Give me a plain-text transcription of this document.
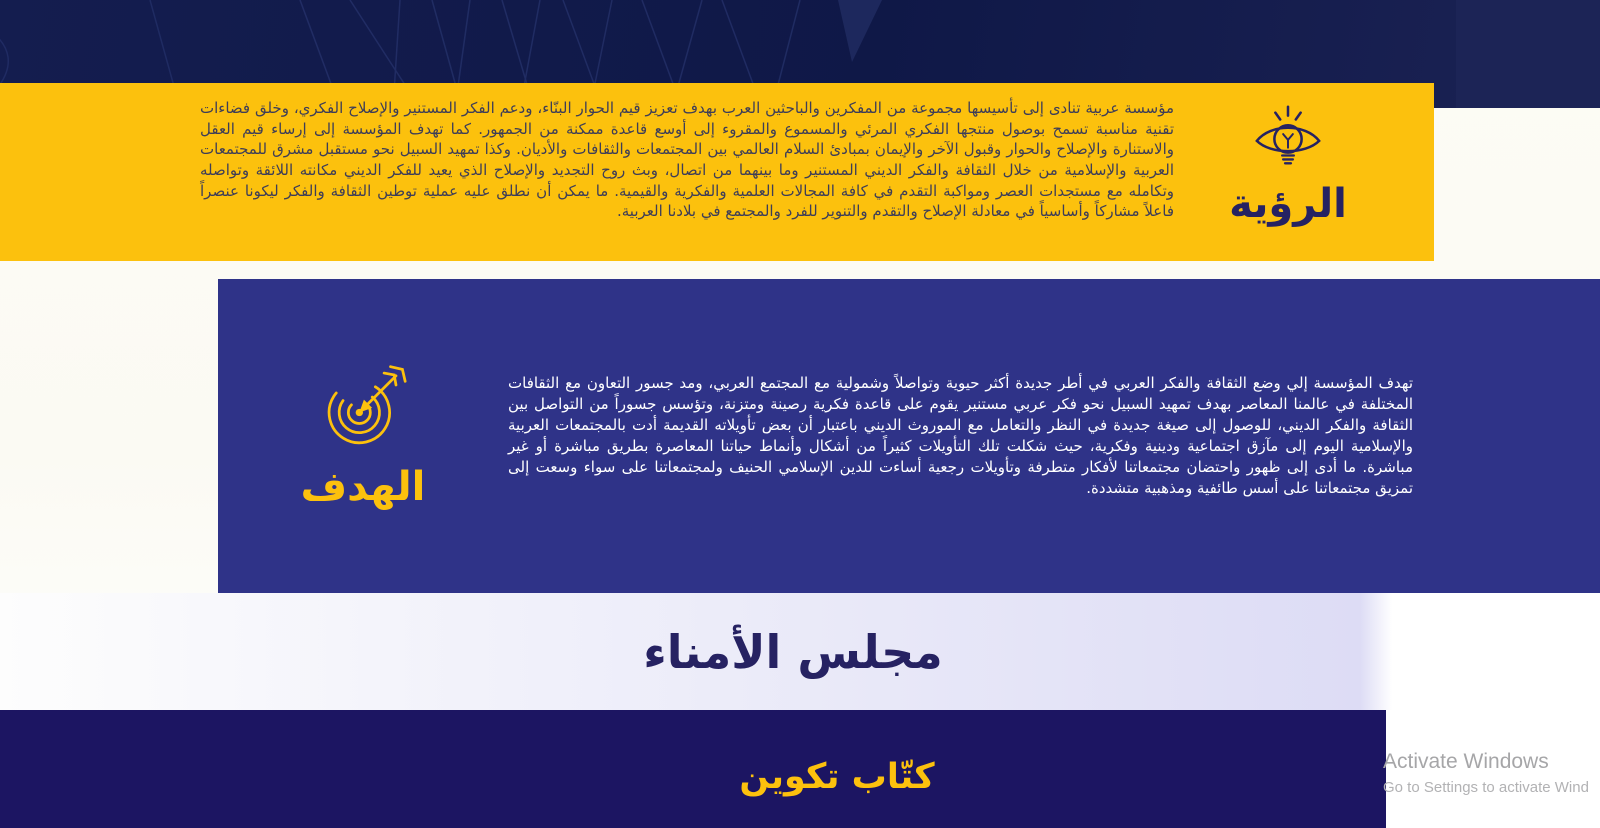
الرؤية

مؤسسة عربية تنادى إلى تأسيسها مجموعة من المفكرين والباحثين العرب بهدف تعزيز قيم الحوار البنّاء، ودعم الفكر المستنير والإصلاح الفكري، وخلق فضاءات تقنية مناسبة تسمح بوصول منتجها الفكري المرئي والمسموع والمقروء إلى أوسع قاعدة ممكنة من الجمهور. كما تهدف المؤسسة إلى إرساء قيم العقل والاستنارة والإصلاح والحوار وقبول الآخر والإيمان بمبادئ السلام العالمي بين المجتمعات والثقافات والأديان. وكذا تمهيد السبيل نحو مستقبل مشرق للمجتمعات العربية والإسلامية من خلال الثقافة والفكر الديني المستنير وما بينهما من اتصال، وبث روح التجديد والإصلاح الذي يعيد للفكر الديني مكانته اللائقة وتواصله وتكامله مع مستجدات العصر ومواكبة التقدم في كافة المجالات العلمية والفكرية والقيمية. ما يمكن أن نطلق عليه عملية توطين الثقافة والفكر ليكونا عنصراً فاعلاً مشاركاً وأساسياً في معادلة الإصلاح والتقدم والتنوير للفرد والمجتمع في بلادنا العربية.

الهدف

تهدف المؤسسة إلي وضع الثقافة والفكر العربي في أطر جديدة أكثر حيوية وتواصلاً وشمولية مع المجتمع العربي، ومد جسور التعاون مع الثقافات المختلفة في عالمنا المعاصر بهدف تمهيد السبيل نحو فكر عربي مستنير يقوم على قاعدة فكرية رصينة ومتزنة، وتؤسس جسوراً من التواصل بين الثقافة والفكر الديني، للوصول إلى صيغة جديدة في النظر والتعامل مع الموروث الديني باعتبار أن بعض تأويلاته القديمة أدت بالمجتمعات العربية والإسلامية اليوم إلى مآزق اجتماعية ودينية وفكرية، حيث شكلت تلك التأويلات كثيراً من أشكال وأنماط حياتنا المعاصرة بطريق مباشرة أو غير مباشرة. ما أدى إلى ظهور واحتضان مجتمعاتنا لأفكار متطرفة وتأويلات رجعية أساءت للدين الإسلامي الحنيف ولمجتمعاتنا على سواء وسعت إلى تمزيق مجتمعاتنا على أسس طائفية ومذهبية متشددة.

مجلس الأمناء
كتّاب تكوين	Activate Windows
Go to Settings to activate Wind
